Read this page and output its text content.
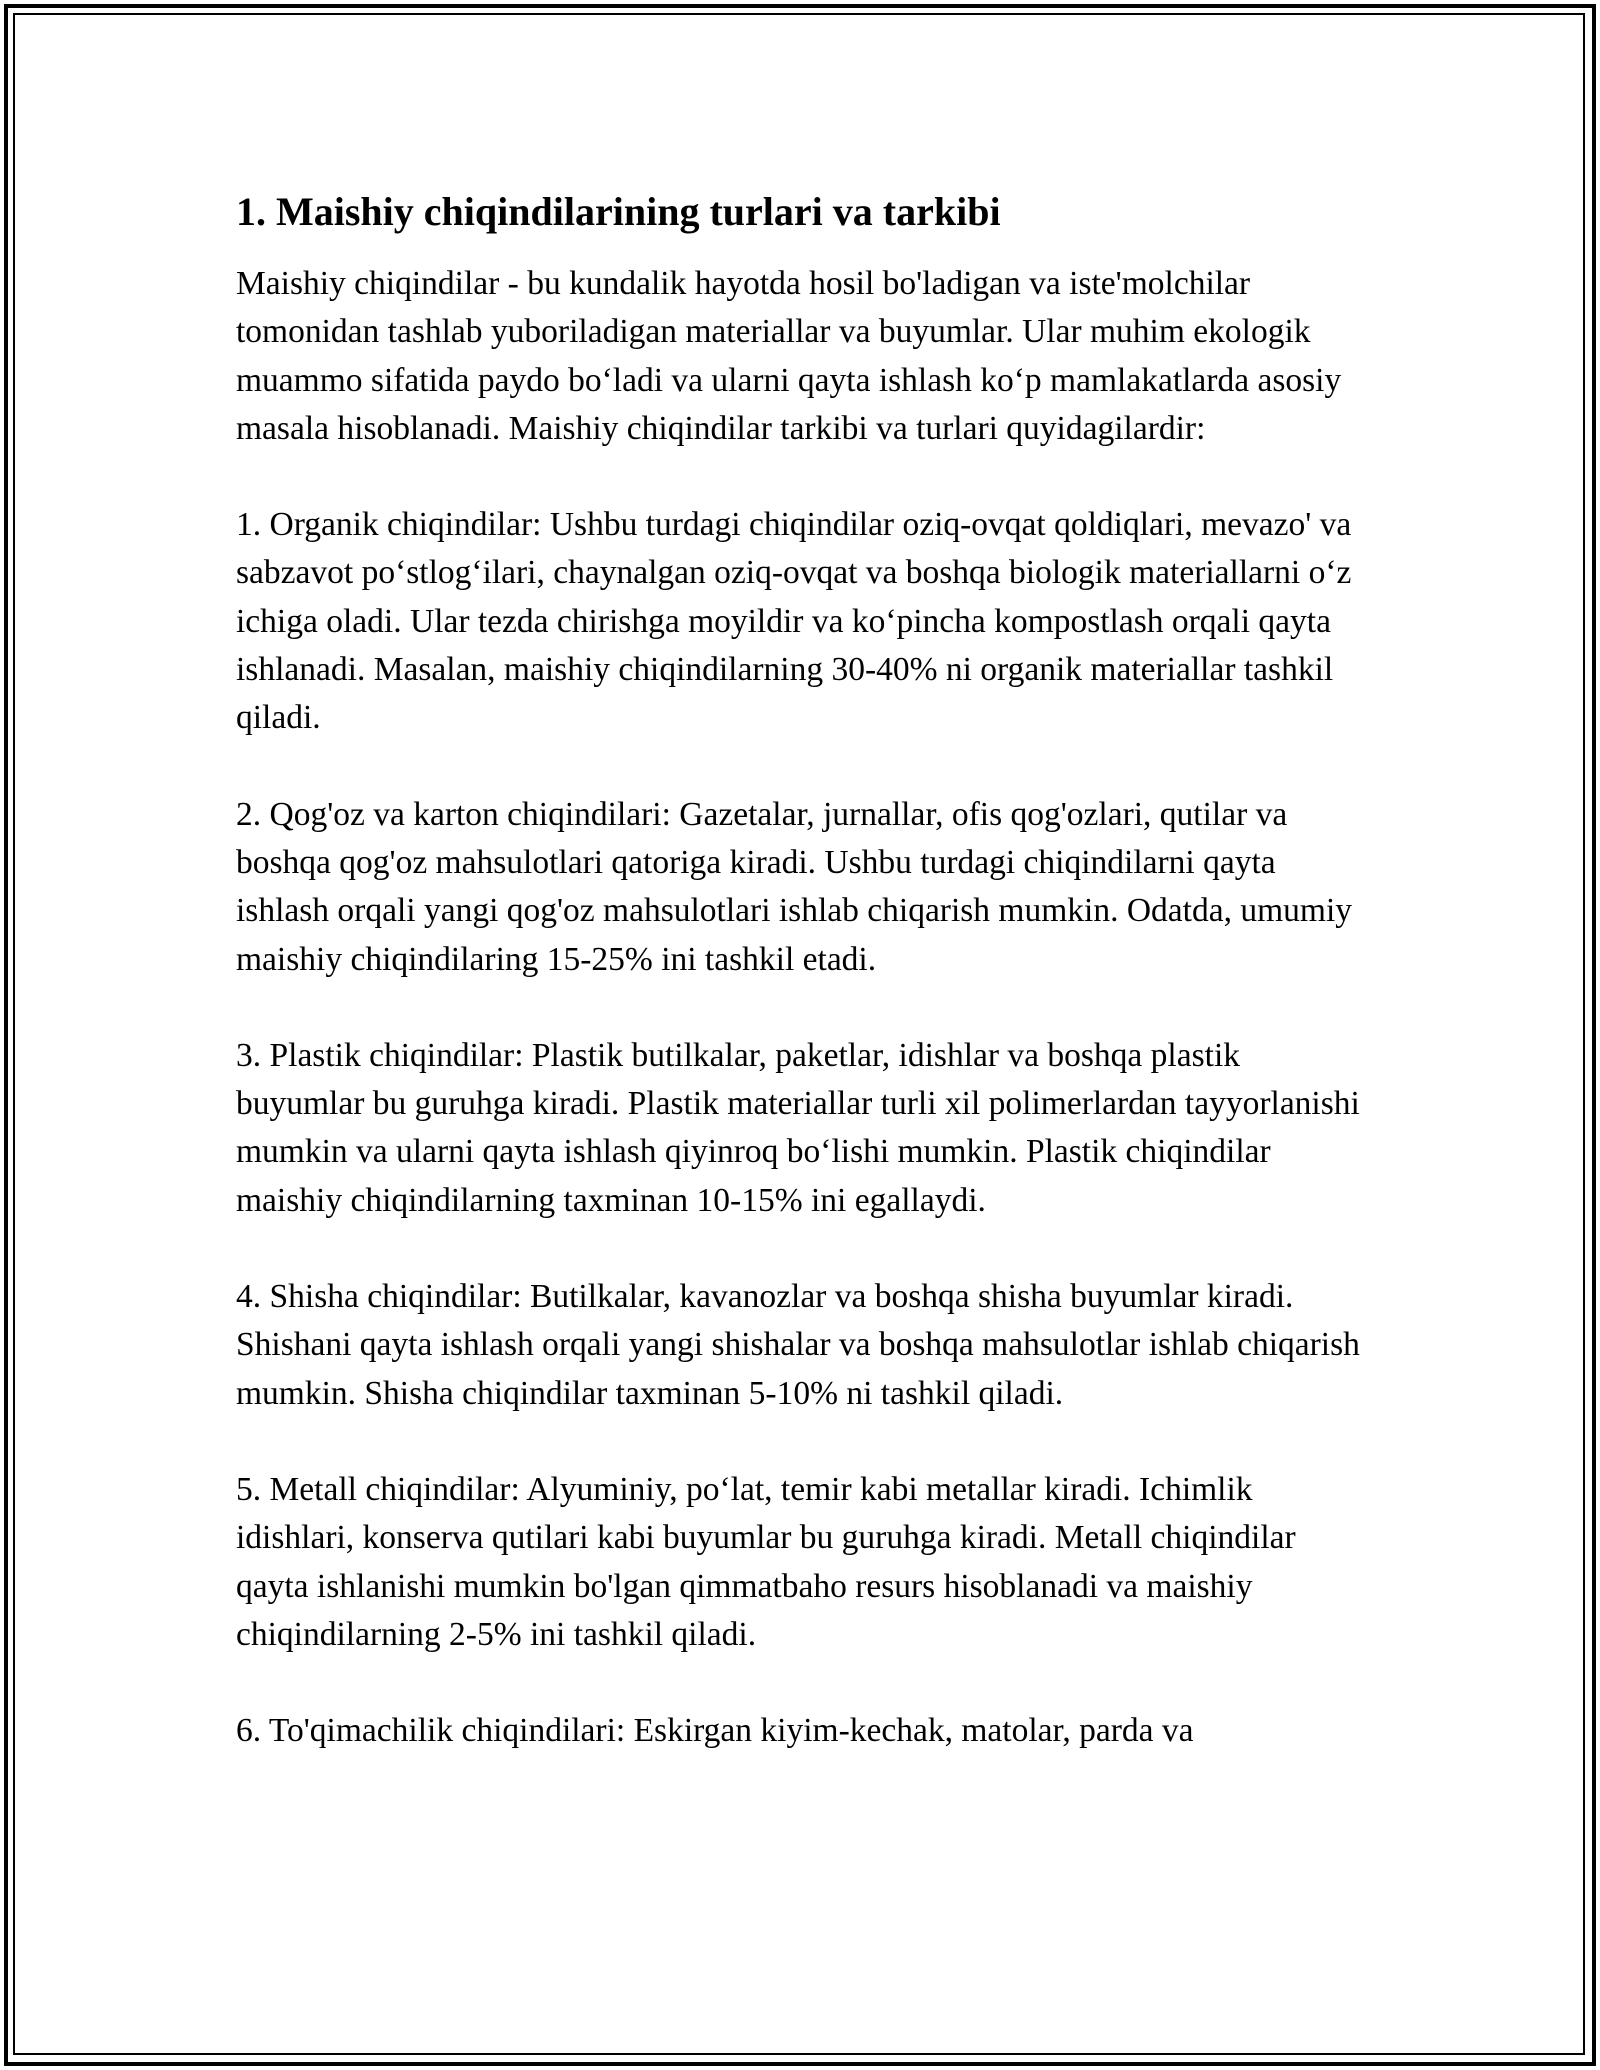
1. Maishiy chiqindilarining turlari va tarkibi

Maishiy chiqindilar - bu kundalik hayotda hosil bo'ladigan va iste'molchilar tomonidan tashlab yuboriladigan materiallar va buyumlar. Ular muhim ekologik muammo sifatida paydo bo‘ladi va ularni qayta ishlash ko‘p mamlakatlarda asosiy masala hisoblanadi. Maishiy chiqindilar tarkibi va turlari quyidagilardir:

1. Organik chiqindilar: Ushbu turdagi chiqindilar oziq-ovqat qoldiqlari, mevazo' va sabzavot po‘stlog‘ilari, chaynalgan oziq-ovqat va boshqa biologik materiallarni o‘z ichiga oladi. Ular tezda chirishga moyildir va ko‘pincha kompostlash orqali qayta ishlanadi. Masalan, maishiy chiqindilarning 30-40% ni organik materiallar tashkil qiladi.

2. Qog'oz va karton chiqindilari: Gazetalar, jurnallar, ofis qog'ozlari, qutilar va boshqa qog'oz mahsulotlari qatoriga kiradi. Ushbu turdagi chiqindilarni qayta ishlash orqali yangi qog'oz mahsulotlari ishlab chiqarish mumkin. Odatda, umumiy maishiy chiqindilaring 15-25% ini tashkil etadi.

3. Plastik chiqindilar: Plastik butilkalar, paketlar, idishlar va boshqa plastik buyumlar bu guruhga kiradi. Plastik materiallar turli xil polimerlardan tayyorlanishi mumkin va ularni qayta ishlash qiyinroq bo‘lishi mumkin. Plastik chiqindilar maishiy chiqindilarning taxminan 10-15% ini egallaydi.

4. Shisha chiqindilar: Butilkalar, kavanozlar va boshqa shisha buyumlar kiradi. Shishani qayta ishlash orqali yangi shishalar va boshqa mahsulotlar ishlab chiqarish mumkin. Shisha chiqindilar taxminan 5-10% ni tashkil qiladi.

5. Metall chiqindilar: Alyuminiy, po‘lat, temir kabi metallar kiradi. Ichimlik idishlari, konserva qutilari kabi buyumlar bu guruhga kiradi. Metall chiqindilar qayta ishlanishi mumkin bo'lgan qimmatbaho resurs hisoblanadi va maishiy chiqindilarning 2-5% ini tashkil qiladi.

6. To'qimachilik chiqindilari: Eskirgan kiyim-kechak, matolar, parda va
